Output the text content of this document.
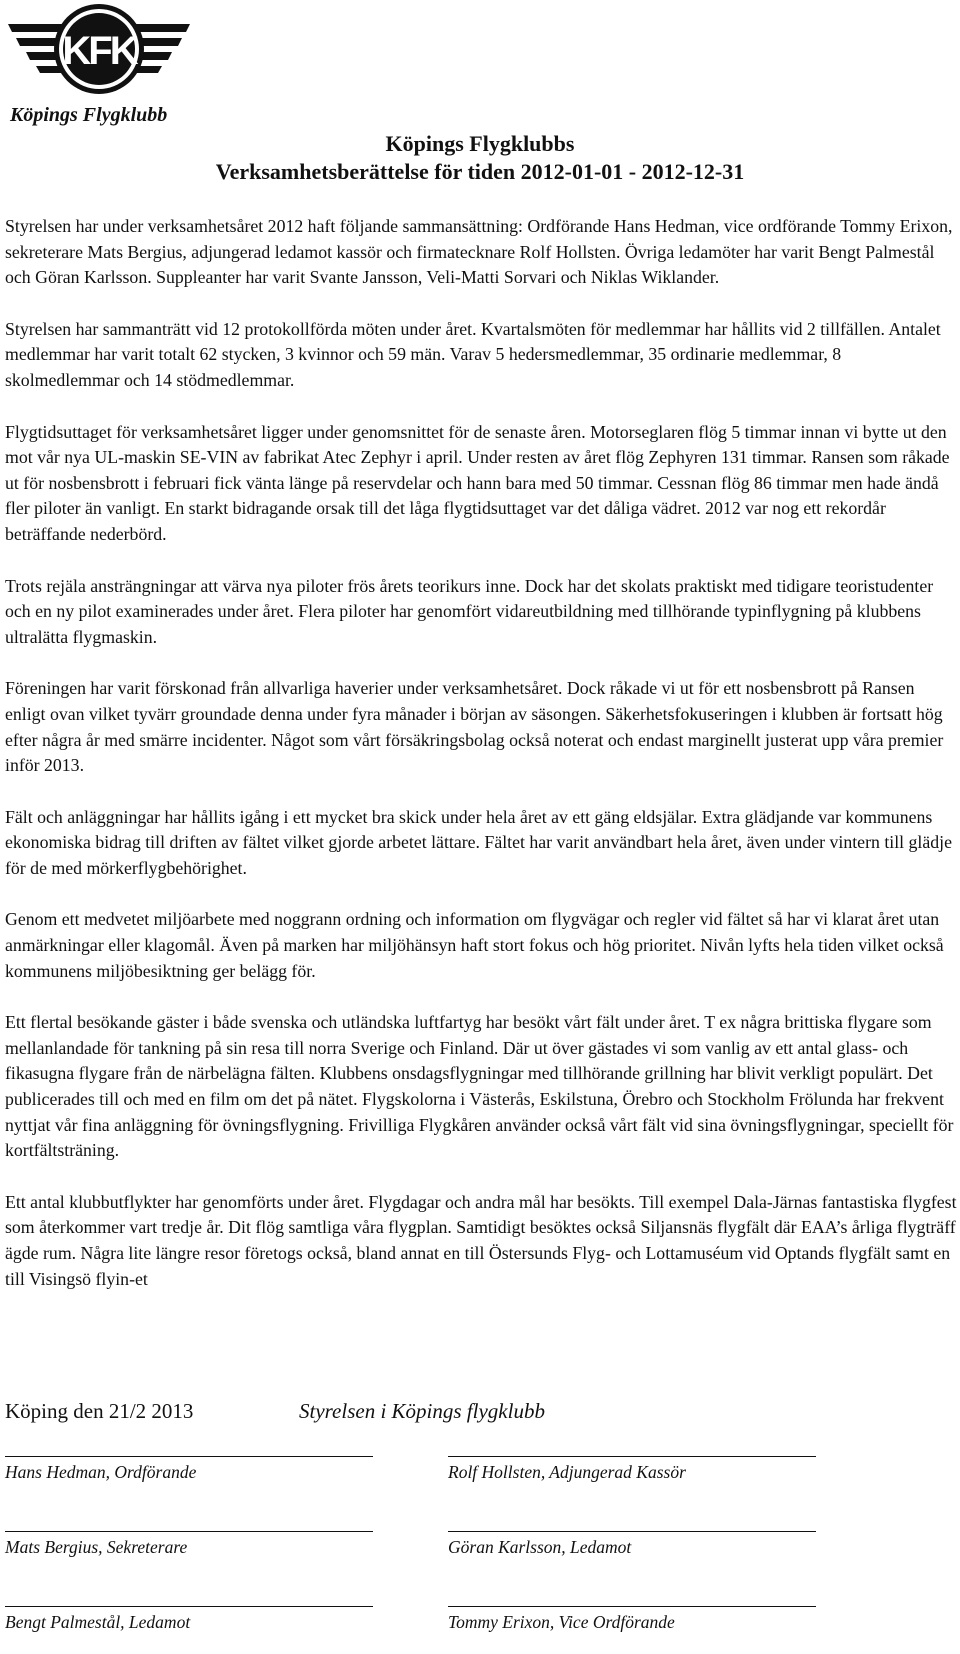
KFK
Köpings Flygklubb
Köpings Flygklubbs
Verksamhetsberättelse för tiden 2012-01-01 - 2012-12-31

Styrelsen har under verksamhetsåret 2012 haft följande sammansättning: Ordförande Hans Hedman, vice ordförande Tommy Erixon, sekreterare Mats Bergius, adjungerad ledamot kassör och firmatecknare Rolf Hollsten. Övriga ledamöter har varit Bengt Palmestål och Göran Karlsson. Suppleanter har varit Svante Jansson, Veli-Matti Sorvari och Niklas Wiklander.

Styrelsen har sammanträtt vid 12 protokollförda möten under året. Kvartalsmöten för medlemmar har hållits vid 2 tillfällen. Antalet medlemmar har varit totalt 62 stycken, 3 kvinnor och 59 män. Varav 5 hedersmedlemmar, 35 ordinarie medlemmar, 8 skolmedlemmar och 14 stödmedlemmar.

Flygtidsuttaget för verksamhetsåret ligger under genomsnittet för de senaste åren. Motorseglaren flög 5 timmar innan vi bytte ut den mot vår nya UL-maskin SE-VIN av fabrikat Atec Zephyr i april. Under resten av året flög Zephyren 131 timmar. Ransen som råkade ut för nosbensbrott i februari fick vänta länge på reservdelar och hann bara med 50 timmar. Cessnan flög 86 timmar men hade ändå fler piloter än vanligt. En starkt bidragande orsak till det låga flygtidsuttaget var det dåliga vädret. 2012 var nog ett rekordår beträffande nederbörd.

Trots rejäla ansträngningar att värva nya piloter frös årets teorikurs inne. Dock har det skolats praktiskt med tidigare teoristudenter och en ny pilot examinerades under året. Flera piloter har genomfört vidareutbildning med tillhörande typinflygning på klubbens ultralätta flygmaskin.

Föreningen har varit förskonad från allvarliga haverier under verksamhetsåret. Dock råkade vi ut för ett nosbensbrott på Ransen enligt ovan vilket tyvärr groundade denna under fyra månader i början av säsongen. Säkerhetsfokuseringen i klubben är fortsatt hög efter några år med smärre incidenter. Något som vårt försäkringsbolag också noterat och endast marginellt justerat upp våra premier inför 2013.

Fält och anläggningar har hållits igång i ett mycket bra skick under hela året av ett gäng eldsjälar. Extra glädjande var kommunens ekonomiska bidrag till driften av fältet vilket gjorde arbetet lättare. Fältet har varit användbart hela året, även under vintern till glädje för de med mörkerflygbehörighet.

Genom ett medvetet miljöarbete med noggrann ordning och information om flygvägar och regler vid fältet så har vi klarat året utan anmärkningar eller klagomål. Även på marken har miljöhänsyn haft stort fokus och hög prioritet. Nivån lyfts hela tiden vilket också kommunens miljöbesiktning ger belägg för.

Ett flertal besökande gäster i både svenska och utländska luftfartyg har besökt vårt fält under året. T ex några brittiska flygare som mellanlandade för tankning på sin resa till norra Sverige och Finland. Där ut över gästades vi som vanlig av ett antal glass- och fikasugna flygare från de närbelägna fälten. Klubbens onsdagsflygningar med tillhörande grillning har blivit verkligt populärt. Det publicerades till och med en film om det på nätet. Flygskolorna i Västerås, Eskilstuna, Örebro och Stockholm Frölunda har frekvent nyttjat vår fina anläggning för övningsflygning. Frivilliga Flygkåren använder också vårt fält vid sina övningsflygningar, speciellt för kortfältsträning.

Ett antal klubbutflykter har genomförts under året. Flygdagar och andra mål har besökts. Till exempel Dala-Järnas fantastiska flygfest som återkommer vart tredje år. Dit flög samtliga våra flygplan. Samtidigt besöktes också Siljansnäs flygfält där EAA’s årliga flygträff ägde rum. Några lite längre resor företogs också, bland annat en till Östersunds Flyg- och Lottamuséum vid Optands flygfält samt en till Visingsö flyin-et

Köping den 21/2 2013	Styrelsen i Köpings flygklubb
Hans Hedman, Ordförande	Rolf Hollsten, Adjungerad Kassör
Mats Bergius, Sekreterare	Göran Karlsson, Ledamot
Bengt Palmestål, Ledamot	Tommy Erixon, Vice Ordförande
